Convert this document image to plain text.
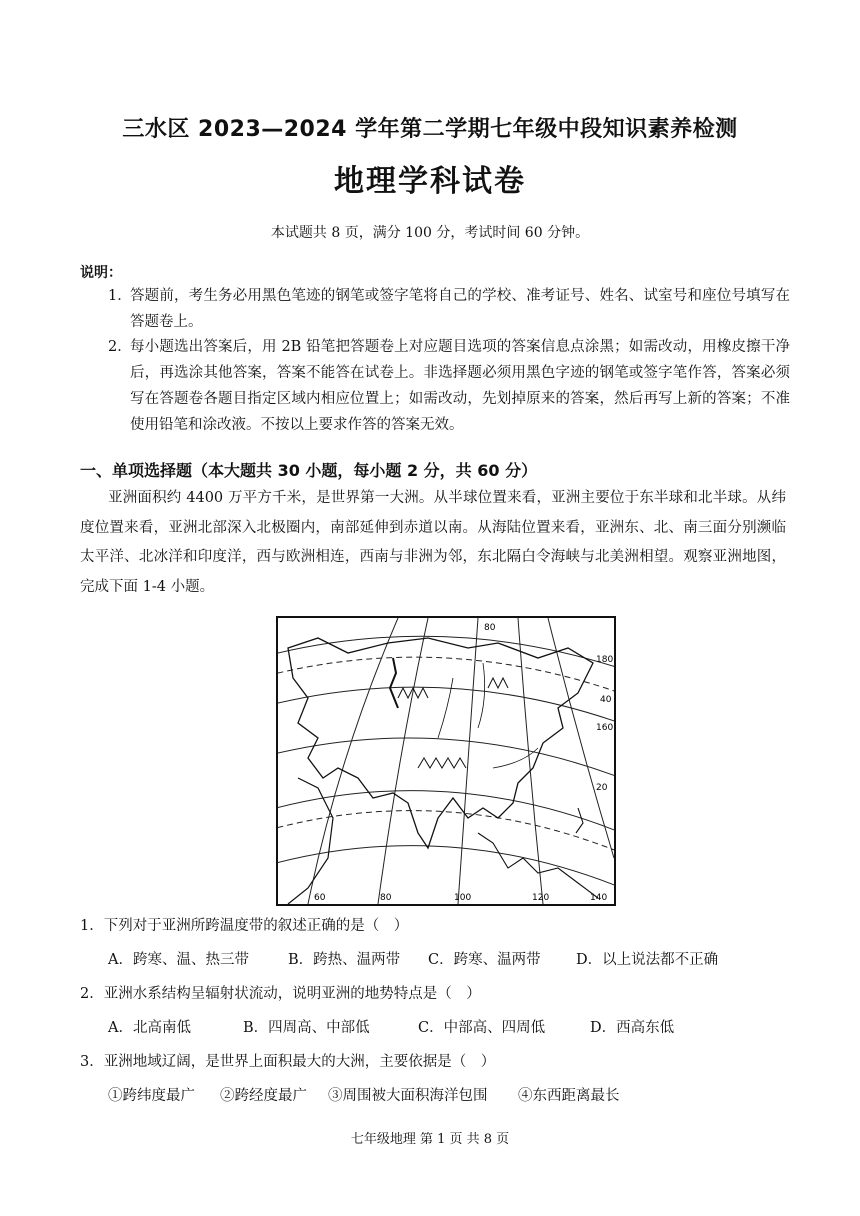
三水区 2023—2024 学年第二学期七年级中段知识素养检测
地理学科试卷
本试题共 8 页，满分 100 分，考试时间 60 分钟。
说明：
1．
答题前，考生务必用黑色笔迹的钢笔或签字笔将自己的学校、准考证号、姓名、试室号和座位号填写在答题卷上。
2．
每小题选出答案后，用 2B 铅笔把答题卷上对应题目选项的答案信息点涂黑；如需改动，用橡皮擦干净后，再选涂其他答案，答案不能答在试卷上。非选择题必须用黑色字迹的钢笔或签字笔作答，答案必须写在答题卷各题目指定区域内相应位置上；如需改动，先划掉原来的答案，然后再写上新的答案；不准使用铅笔和涂改液。不按以上要求作答的答案无效。
一、单项选择题（本大题共 30 小题，每小题 2 分，共 60 分）
亚洲面积约 4400 万平方千米，是世界第一大洲。从半球位置来看，亚洲主要位于东半球和北半球。从纬度位置来看，亚洲北部深入北极圈内，南部延伸到赤道以南。从海陆位置来看，亚洲东、北、南三面分别濒临太平洋、北冰洋和印度洋，西与欧洲相连，西南与非洲为邻，东北隔白令海峡与北美洲相望。观察亚洲地图，完成下面 1-4 小题。
80
180
40
160
20
60	80	100	120	140
1．下列对于亚洲所跨温度带的叙述正确的是（　）
A．跨寒、温、热三带	B．跨热、温两带	C．跨寒、温两带	D．以上说法都不正确
2．亚洲水系结构呈辐射状流动，说明亚洲的地势特点是（　）
A．北高南低	B．四周高、中部低	C．中部高、四周低	D．西高东低
3．亚洲地域辽阔，是世界上面积最大的大洲，主要依据是（　）
①跨纬度最广	②跨经度最广	③周围被大面积海洋包围	④东西距离最长
七年级地理 第 1 页 共 8 页
